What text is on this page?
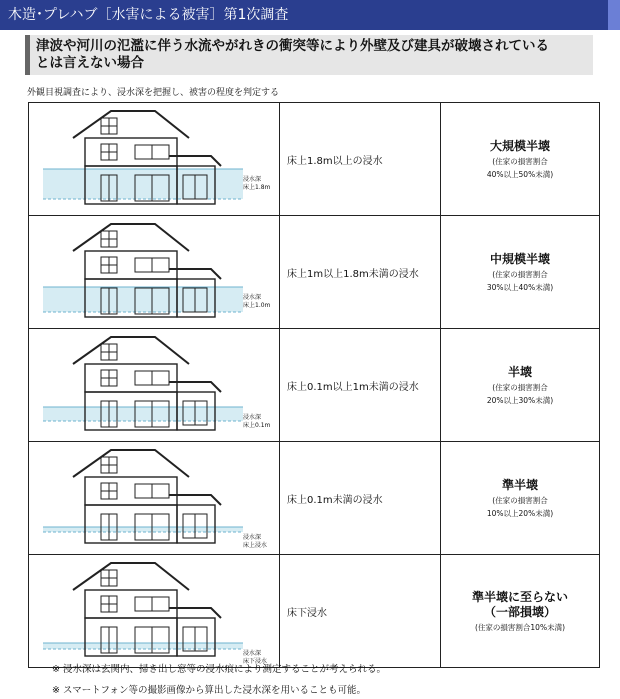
木造･プレハブ［水害による被害］第1次調査
津波や河川の氾濫に伴う水流やがれきの衝突等により外壁及び建具が破壊されている
とは言えない場合
外観目視調査により、浸水深を把握し、被害の程度を判定する
浸水深
床上1.8m	床上1.8m以上の浸水	大規模半壊
(住家の損害割合
40%以上50%未満)

浸水深
床上1.0m	床上1m以上1.8m未満の浸水	中規模半壊
(住家の損害割合
30%以上40%未満)

浸水深
床上0.1m	床上0.1m以上1m未満の浸水	半壊
(住家の損害割合
20%以上30%未満)

浸水深
床上浸水	床上0.1m未満の浸水	準半壊
(住家の損害割合
10%以上20%未満)

浸水深
床下浸水	床下浸水	準半壊に至らない
（一部損壊）
(住家の損害割合10%未満)
※ 浸水深は玄関内、掃き出し窓等の浸水痕により測定することが考えられる。
※ スマートフォン等の撮影画像から算出した浸水深を用いることも可能。
